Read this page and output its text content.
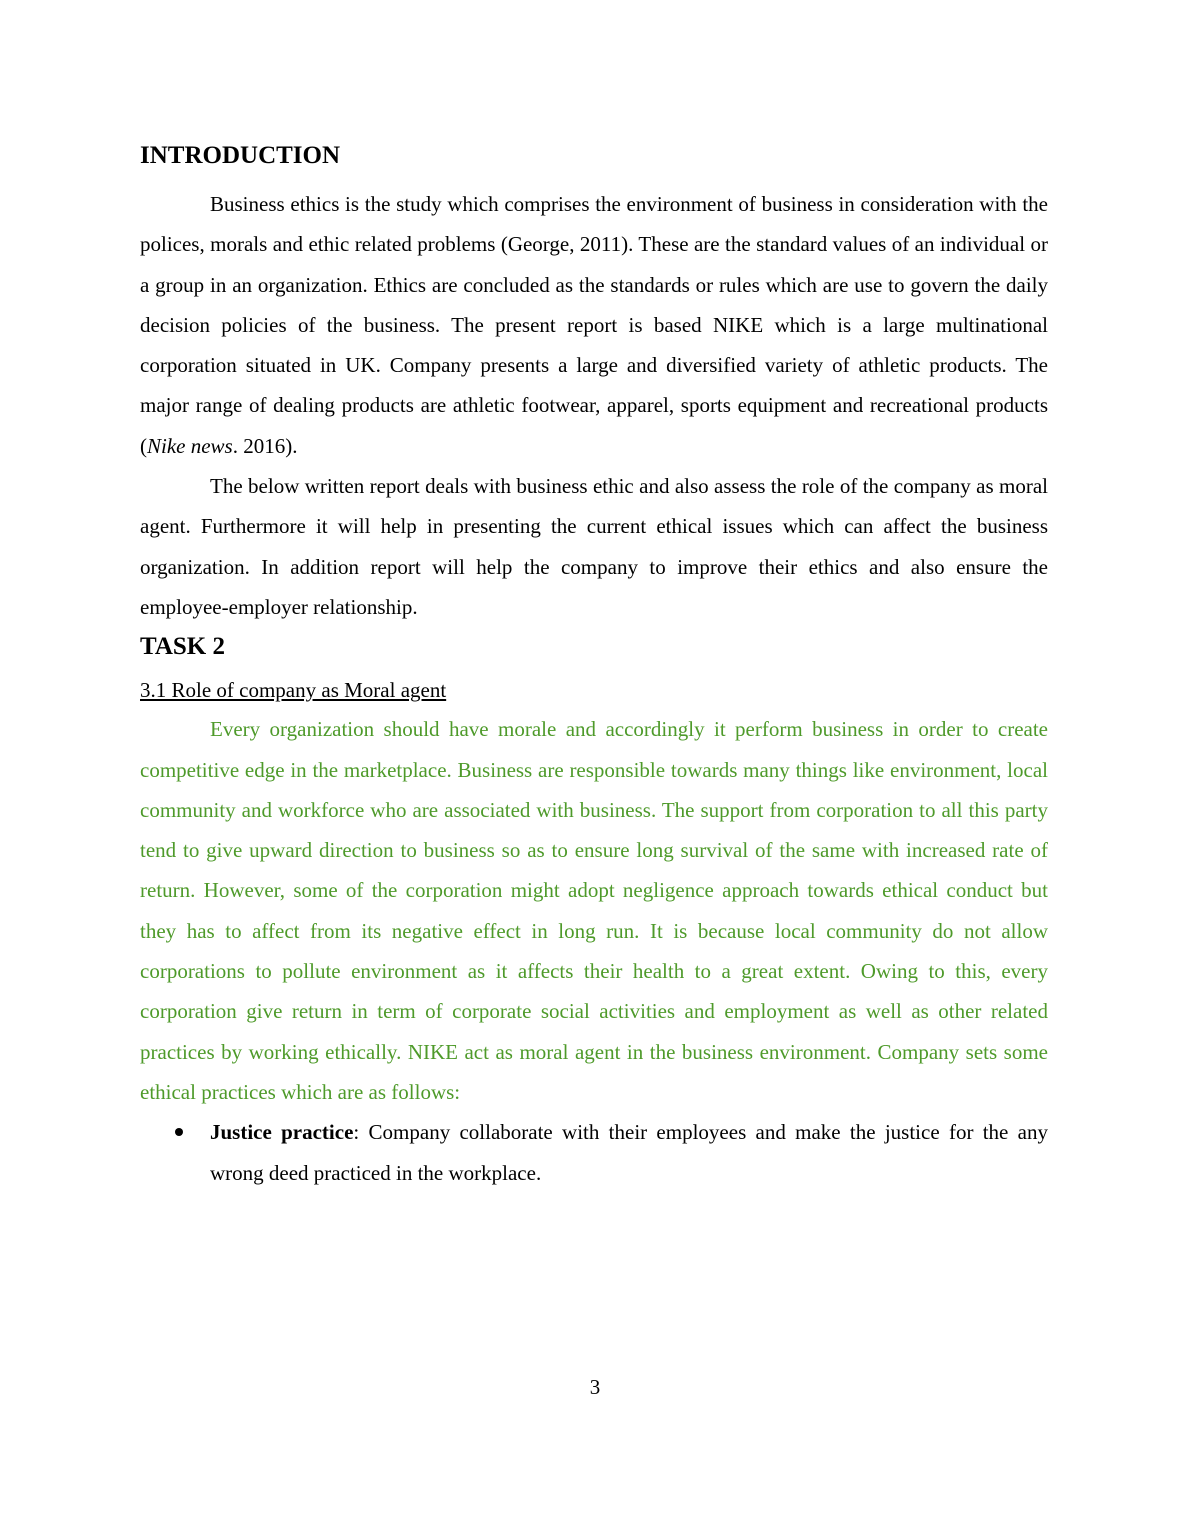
INTRODUCTION

Business ethics is the study which comprises the environment of business in consideration with the polices, morals and ethic related problems (George, 2011). These are the standard values of an individual or a group in an organization. Ethics are concluded as the standards or rules which are use to govern the daily decision policies of the business. The present report is based NIKE which is a large multinational corporation situated in UK. Company presents a large and diversified variety of athletic products. The major range of dealing products are athletic footwear, apparel, sports equipment and recreational products (Nike news. 2016).

The below written report deals with business ethic and also assess the role of the company as moral agent. Furthermore it will help in presenting the current ethical issues which can affect the business organization. In addition report will help the company to improve their ethics and also ensure the employee-employer relationship.

TASK 2
3.1 Role of company as Moral agent

Every organization should have morale and accordingly it perform business in order to create competitive edge in the marketplace. Business are responsible towards many things like environment, local community and workforce who are associated with business. The support from corporation to all this party tend to give upward direction to business so as to ensure long survival of the same with increased rate of return. However, some of the corporation might adopt negligence approach towards ethical conduct but they has to affect from its negative effect in long run. It is because local community do not allow corporations to pollute environment as it affects their health to a great extent. Owing to this, every corporation give return in term of corporate social activities and employment as well as other related practices by working ethically. NIKE act as moral agent in the business environment. Company sets some ethical practices which are as follows:

Justice practice: Company collaborate with their employees and make the justice for the any wrong deed practiced in the workplace.
3
